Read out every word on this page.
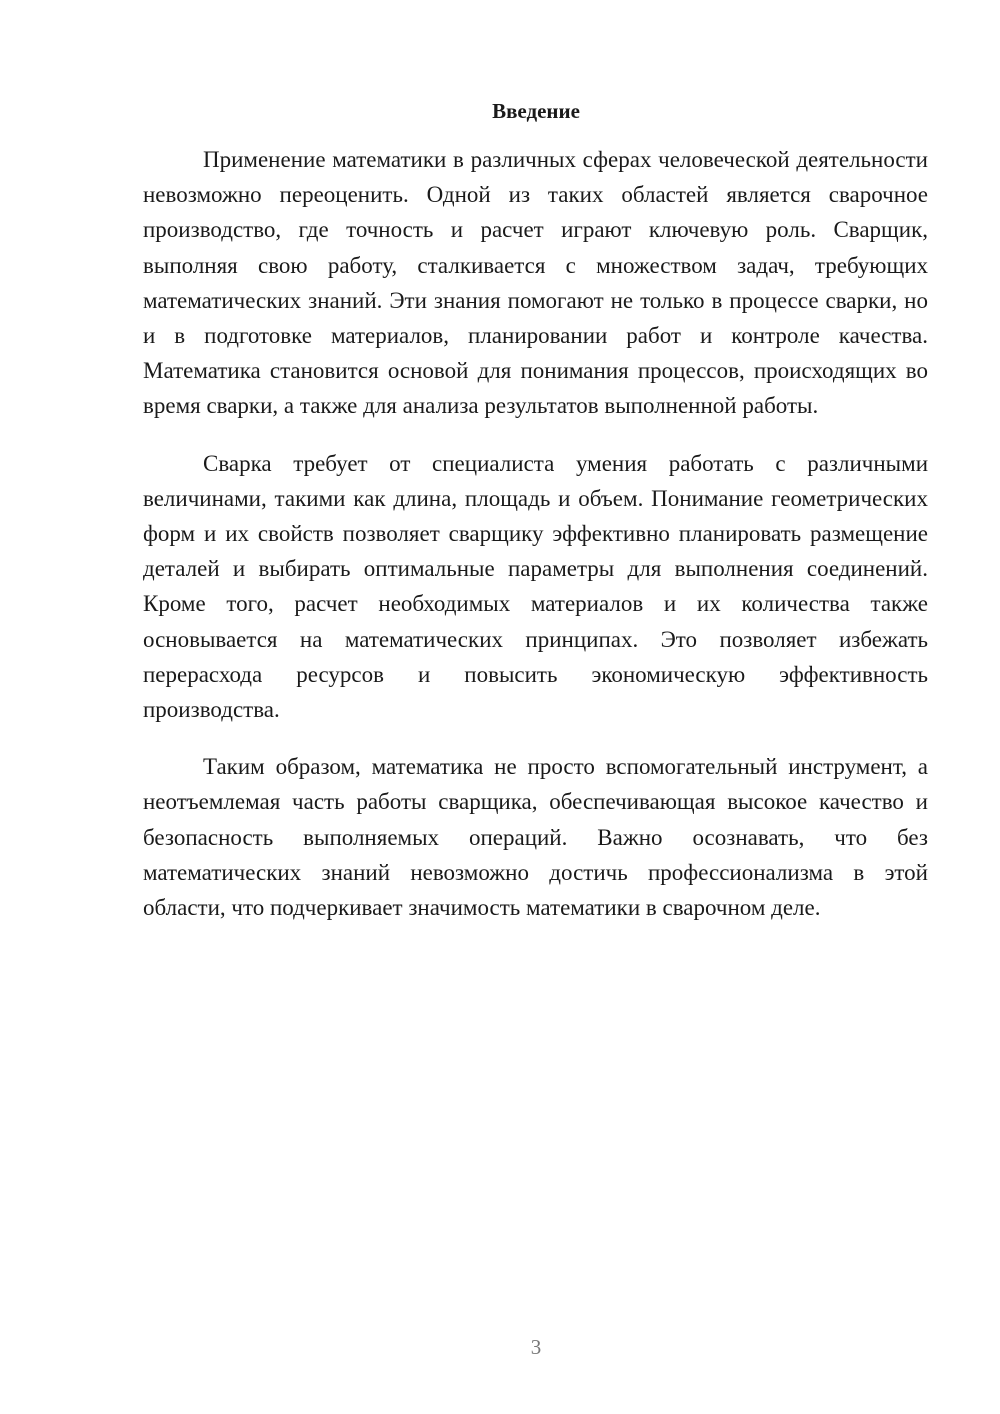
Введение

Применение математики в различных сферах человеческой деятельности невозможно переоценить. Одной из таких областей является сварочное производство, где точность и расчет играют ключевую роль. Сварщик, выполняя свою работу, сталкивается с множеством задач, требующих математических знаний. Эти знания помогают не только в процессе сварки, но и в подготовке материалов, планировании работ и контроле качества. Математика становится основой для понимания процессов, происходящих во время сварки, а также для анализа результатов выполненной работы.

Сварка требует от специалиста умения работать с различными величинами, такими как длина, площадь и объем. Понимание геометрических форм и их свойств позволяет сварщику эффективно планировать размещение деталей и выбирать оптимальные параметры для выполнения соединений. Кроме того, расчет необходимых материалов и их количества также основывается на математических принципах. Это позволяет избежать перерасхода ресурсов и повысить экономическую эффективность производства.

Таким образом, математика не просто вспомогательный инструмент, а неотъемлемая часть работы сварщика, обеспечивающая высокое качество и безопасность выполняемых операций. Важно осознавать, что без математических знаний невозможно достичь профессионализма в этой области, что подчеркивает значимость математики в сварочном деле.

3
